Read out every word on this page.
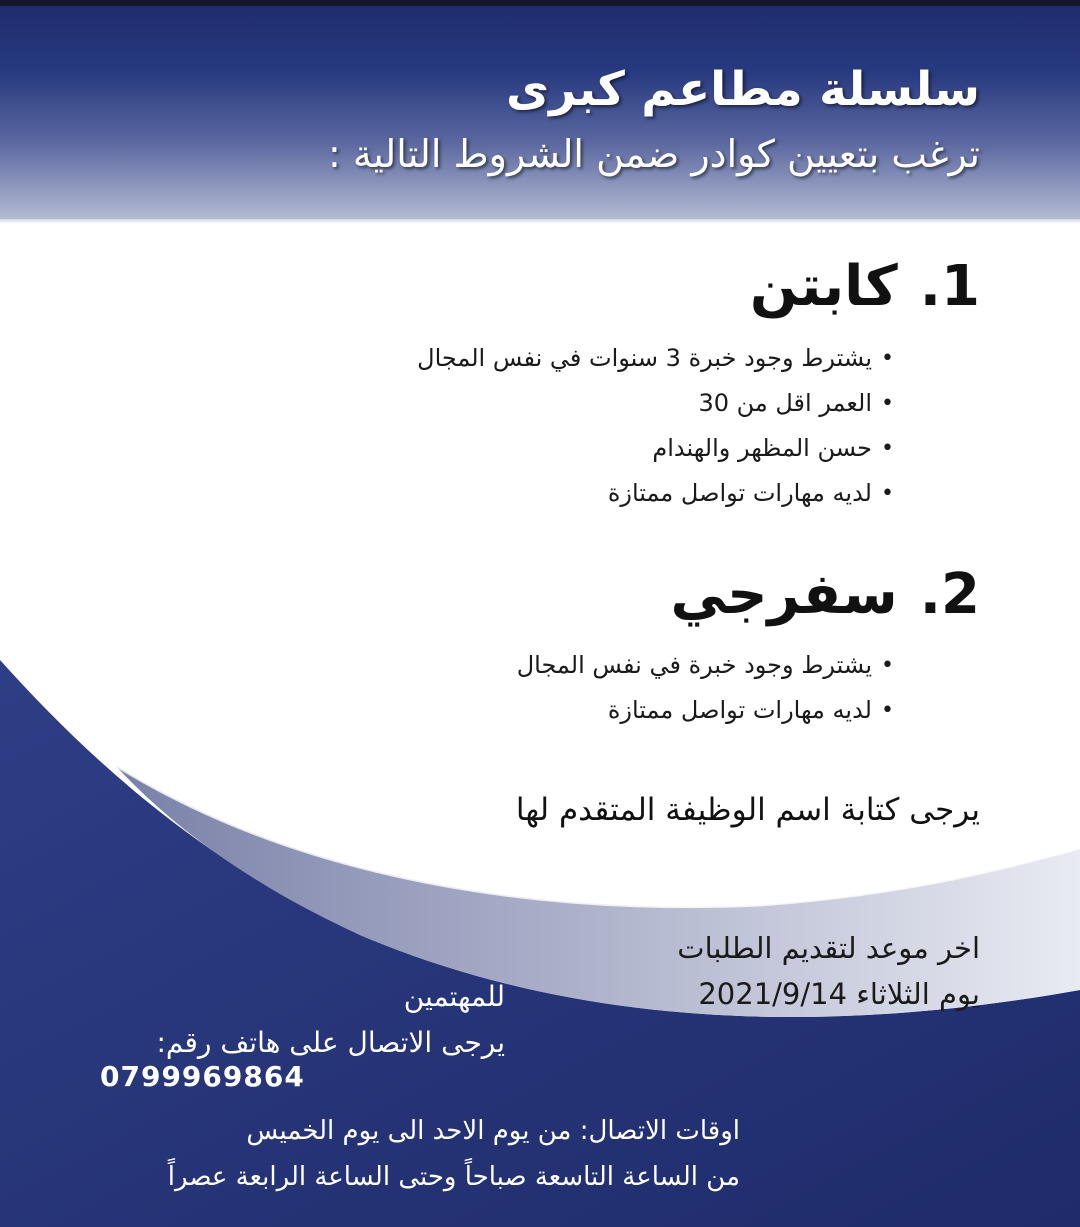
سلسلة مطاعم كبرى
ترغب بتعيين كوادر ضمن الشروط التالية :
1.كابتن
• يشترط وجود خبرة 3 سنوات في نفس المجال
• العمر اقل من 30
• حسن المظهر والهندام
• لديه مهارات تواصل ممتازة
2.سفرجي
• يشترط وجود خبرة في نفس المجال
• لديه مهارات تواصل ممتازة
يرجى كتابة اسم الوظيفة المتقدم لها
اخر موعد لتقديم الطلبات
يوم الثلاثاء 2021/9/14
للمهتمين
يرجى الاتصال على هاتف رقم:
0799969864
اوقات الاتصال: من يوم الاحد الى يوم الخميس
من الساعة التاسعة صباحاً وحتى الساعة الرابعة عصراً
